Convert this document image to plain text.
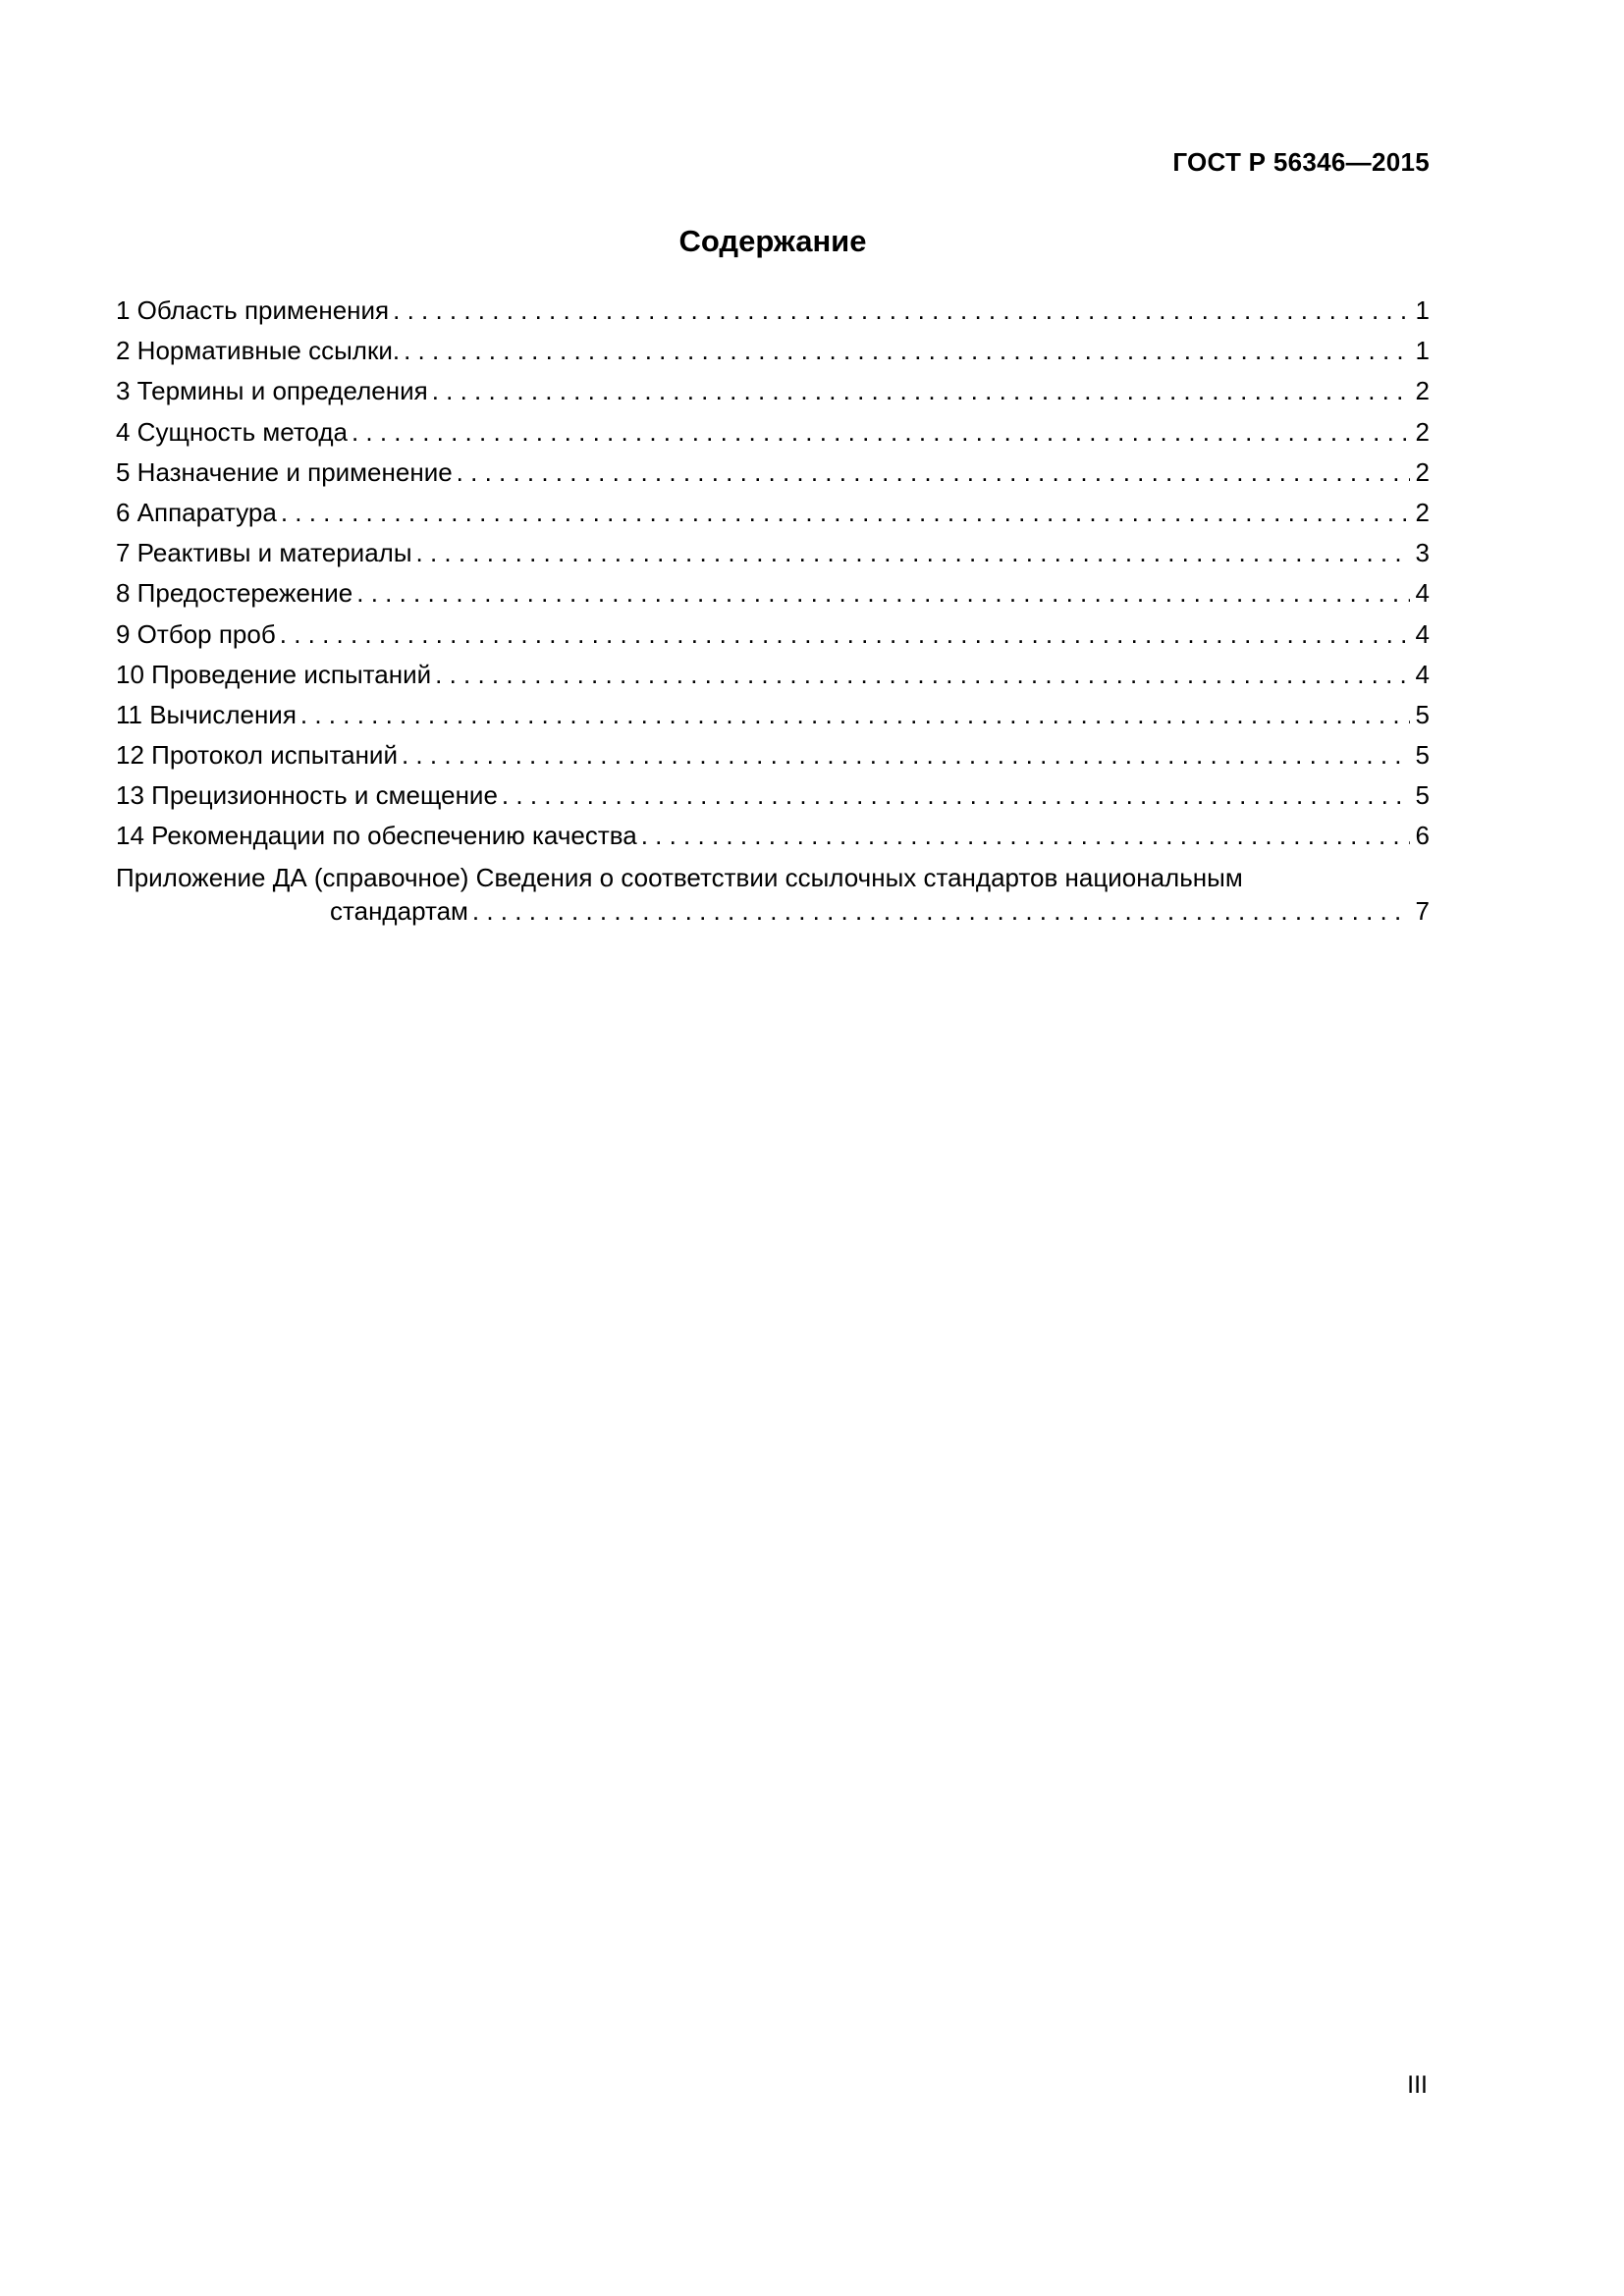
ГОСТ Р 56346—2015
Содержание
1 Область применения . . .	1
2 Нормативные ссылки. . . .	1
3 Термины и определения . . .	2
4 Сущность метода . . .	2
5 Назначение и применение . . .	2
6 Аппаратура . . .	2
7 Реактивы и материалы . . .	3
8 Предостережение . . .	4
9 Отбор проб . . .	4
10 Проведение испытаний . . .	4
11 Вычисления . . .	5
12 Протокол испытаний . . .	5
13 Прецизионность и смещение . . .	5
14 Рекомендации по обеспечению качества . . .	6
Приложение ДА (справочное) Сведения о соответствии ссылочных стандартов национальным
стандартам . . .	7
III
